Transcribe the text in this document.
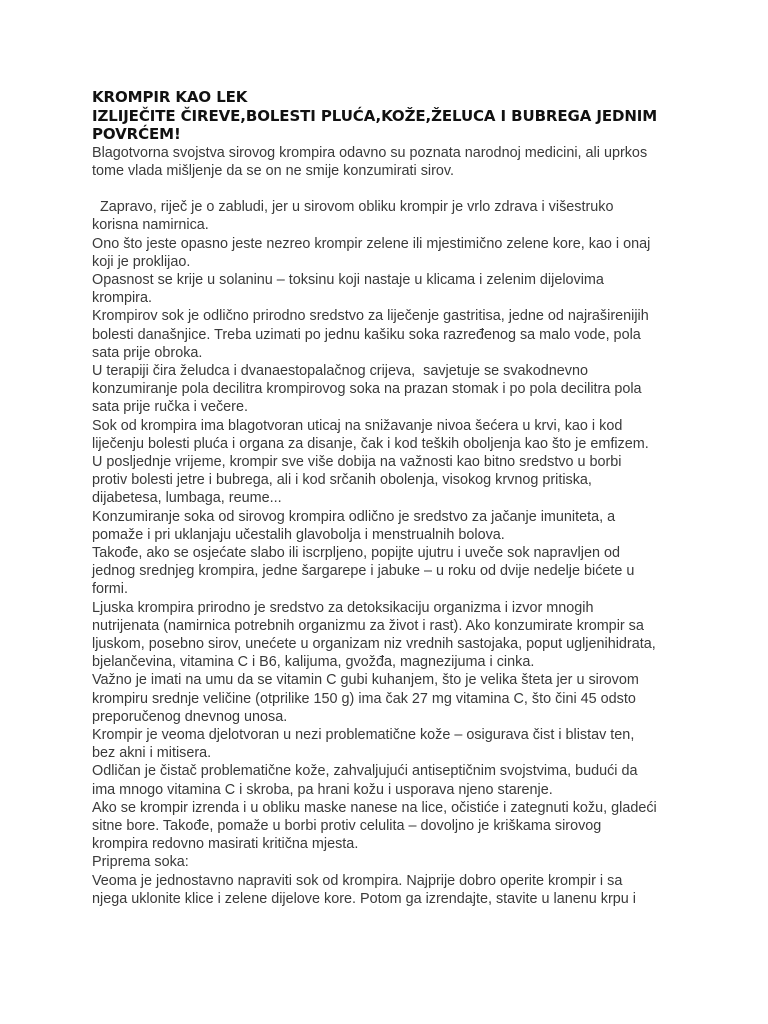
KROMPIR KAO LEK

IZLIJEČITE ČIREVE,BOLESTI PLUĆA,KOŽE,ŽELUCA I BUBREGA JEDNIM

POVRĆEM!

Blagotvorna svojstva sirovog krompira odavno su poznata narodnoj medicini, ali uprkos

tome vlada mišljenje da se on ne smije konzumirati sirov.

Zapravo, riječ je o zabludi, jer u sirovom obliku krompir je vrlo zdrava i višestruko

korisna namirnica.

Ono što jeste opasno jeste nezreo krompir zelene ili mjestimično zelene kore, kao i onaj

koji je proklijao.

Opasnost se krije u solaninu – toksinu koji nastaje u klicama i zelenim dijelovima

krompira.

Krompirov sok je odlično prirodno sredstvo za liječenje gastritisa, jedne od najraširenijih

bolesti današnjice. Treba uzimati po jednu kašiku soka razređenog sa malo vode, pola

sata prije obroka.

U terapiji čira želudca i dvanaestopalačnog crijeva,  savjetuje se svakodnevno

konzumiranje pola decilitra krompirovog soka na prazan stomak i po pola decilitra pola

sata prije ručka i večere.

Sok od krompira ima blagotvoran uticaj na snižavanje nivoa šećera u krvi, kao i kod

liječenju bolesti pluća i organa za disanje, čak i kod teških oboljenja kao što je emfizem.

U posljednje vrijeme, krompir sve više dobija na važnosti kao bitno sredstvo u borbi

protiv bolesti jetre i bubrega, ali i kod srčanih obolenja, visokog krvnog pritiska,

dijabetesa, lumbaga, reume...

Konzumiranje soka od sirovog krompira odlično je sredstvo za jačanje imuniteta, a

pomaže i pri uklanjaju učestalih glavobolja i menstrualnih bolova.

Takođe, ako se osjećate slabo ili iscrpljeno, popijte ujutru i uveče sok napravljen od

jednog srednjeg krompira, jedne šargarepe i jabuke – u roku od dvije nedelje bićete u

formi.

Ljuska krompira prirodno je sredstvo za detoksikaciju organizma i izvor mnogih

nutrijenata (namirnica potrebnih organizmu za život i rast). Ako konzumirate krompir sa

ljuskom, posebno sirov, unećete u organizam niz vrednih sastojaka, poput ugljenihidrata,

bjelančevina, vitamina C i B6, kalijuma, gvožđa, magnezijuma i cinka.

Važno je imati na umu da se vitamin C gubi kuhanjem, što je velika šteta jer u sirovom

krompiru srednje veličine (otprilike 150 g) ima čak 27 mg vitamina C, što čini 45 odsto

preporučenog dnevnog unosa.

Krompir je veoma djelotvoran u nezi problematične kože – osigurava čist i blistav ten,

bez akni i mitisera.

Odličan je čistač problematične kože, zahvaljujući antiseptičnim svojstvima, budući da

ima mnogo vitamina C i skroba, pa hrani kožu i usporava njeno starenje.

Ako se krompir izrenda i u obliku maske nanese na lice, očistiće i zategnuti kožu, gladeći

sitne bore. Takođe, pomaže u borbi protiv celulita – dovoljno je kriškama sirovog

krompira redovno masirati kritična mjesta.

Priprema soka:

Veoma je jednostavno napraviti sok od krompira. Najprije dobro operite krompir i sa

njega uklonite klice i zelene dijelove kore. Potom ga izrendajte, stavite u lanenu krpu i
